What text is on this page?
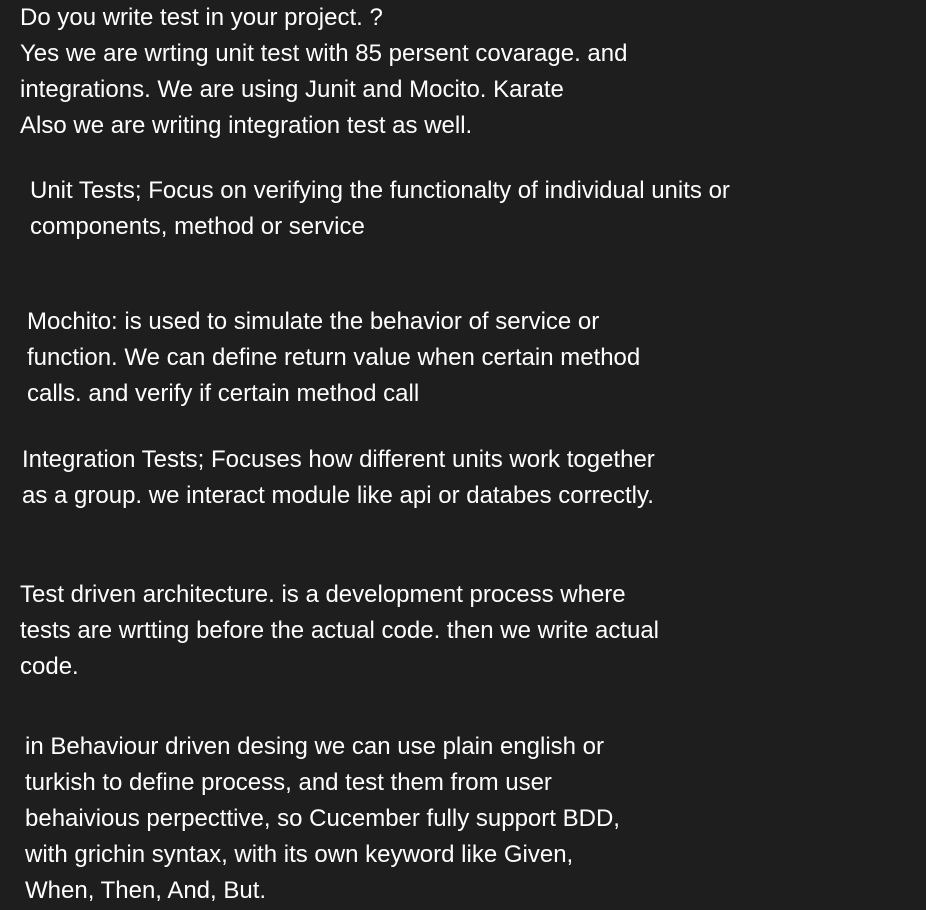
Do you write test in your project. ?
Yes we are wrting unit test with 85 persent covarage. and
integrations. We are using Junit and Mocito. Karate
Also we are writing integration test as well.
Unit Tests; Focus on verifying the functionalty of individual units or
components, method or service
Mochito: is used to simulate the behavior of service or
function. We can define return value when certain method
calls. and verify if certain method call
Integration Tests; Focuses how different units work together
as a group. we interact module like api or databes correctly.
Test driven architecture. is a development process where
tests are wrtting before the actual code. then we write actual
code.
in Behaviour driven desing we can use plain english or
turkish to define process, and test them from user
behaivious perpecttive, so Cucember fully support BDD,
with grichin syntax, with its own keyword like Given,
When, Then, And, But.
